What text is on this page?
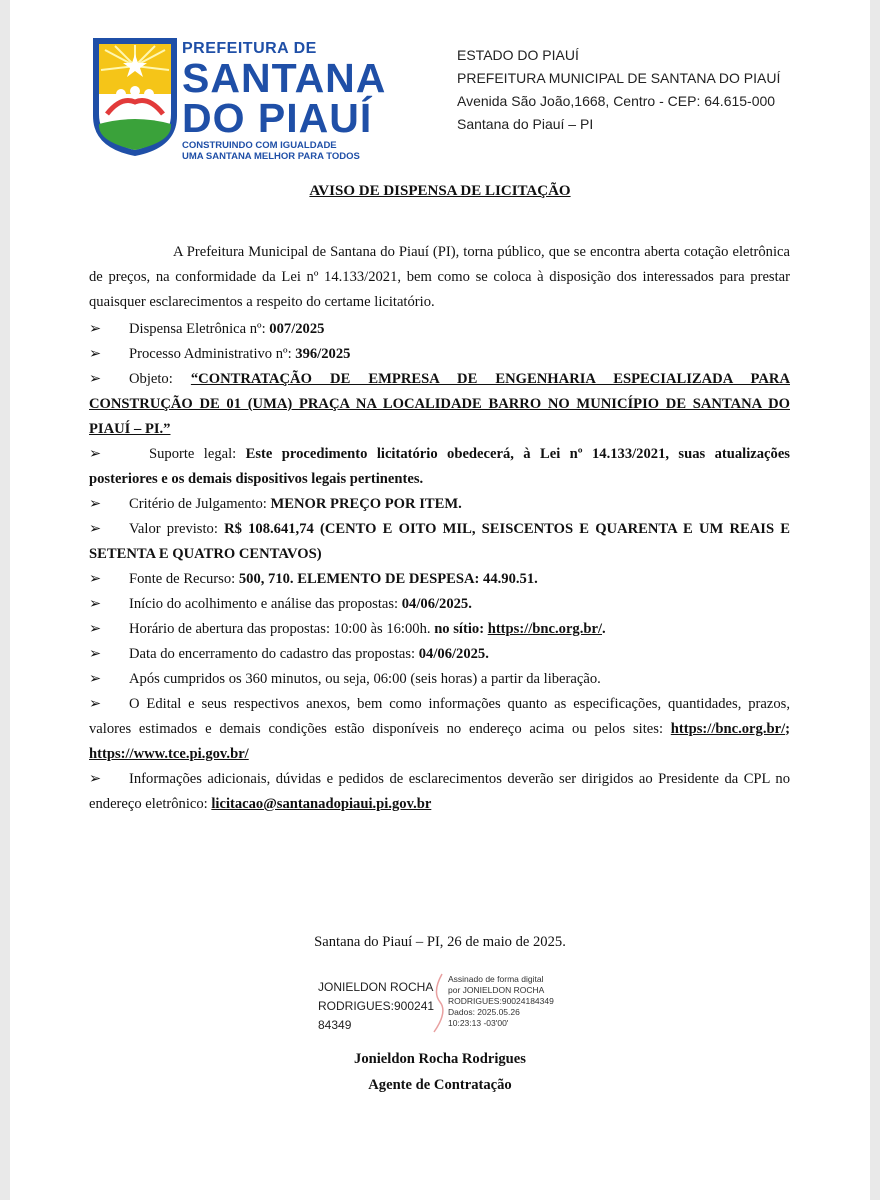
PREFEITURA DE
SANTANA
DO PIAUÍ
CONSTRUINDO COM IGUALDADE
UMA SANTANA MELHOR PARA TODOS
ESTADO DO PIAUÍ
PREFEITURA MUNICIPAL DE SANTANA DO PIAUÍ
Avenida São João,1668, Centro - CEP: 64.615-000
Santana do Piauí – PI
AVISO DE DISPENSA DE LICITAÇÃO

A Prefeitura Municipal de Santana do Piauí (PI), torna público, que se encontra aberta cotação eletrônica de preços, na conformidade da Lei nº 14.133/2021, bem como se coloca à disposição dos interessados para prestar quaisquer esclarecimentos a respeito do certame licitatório.

➢ Dispensa Eletrônica nº: 007/2025

➢ Processo Administrativo nº: 396/2025

➢ Objeto: “CONTRATAÇÃO DE EMPRESA DE ENGENHARIA ESPECIALIZADA PARA CONSTRUÇÃO DE 01 (UMA) PRAÇA NA LOCALIDADE BARRO NO MUNICÍPIO DE SANTANA DO PIAUÍ – PI.”

➢	Suporte legal: Este procedimento licitatório obedecerá, à Lei nº 14.133/2021, suas atualizações posteriores e os demais dispositivos legais pertinentes.

➢ Critério de Julgamento: MENOR PREÇO POR ITEM.

➢ Valor previsto: R$ 108.641,74 (CENTO E OITO MIL, SEISCENTOS E QUARENTA E UM REAIS E SETENTA E QUATRO CENTAVOS)

➢ Fonte de Recurso: 500, 710. ELEMENTO DE DESPESA: 44.90.51.

➢ Início do acolhimento e análise das propostas: 04/06/2025.

➢ Horário de abertura das propostas: 10:00 às 16:00h. no sítio: https://bnc.org.br/.

➢ Data do encerramento do cadastro das propostas: 04/06/2025.

➢ Após cumpridos os 360 minutos, ou seja, 06:00 (seis horas) a partir da liberação.

➢ O Edital e seus respectivos anexos, bem como informações quanto as especificações, quantidades, prazos, valores estimados e demais condições estão disponíveis no endereço acima ou pelos sites: https://bnc.org.br/; https://www.tce.pi.gov.br/

➢ Informações adicionais, dúvidas e pedidos de esclarecimentos deverão ser dirigidos ao Presidente da CPL no endereço eletrônico: licitacao@santanadopiaui.pi.gov.br

Santana do Piauí – PI, 26 de maio de 2025.
JONIELDON ROCHA
RODRIGUES:900241
84349
Assinado de forma digital
por JONIELDON ROCHA
RODRIGUES:90024184349
Dados: 2025.05.26
10:23:13 -03'00'
Jonieldon Rocha Rodrigues
Agente de Contratação
